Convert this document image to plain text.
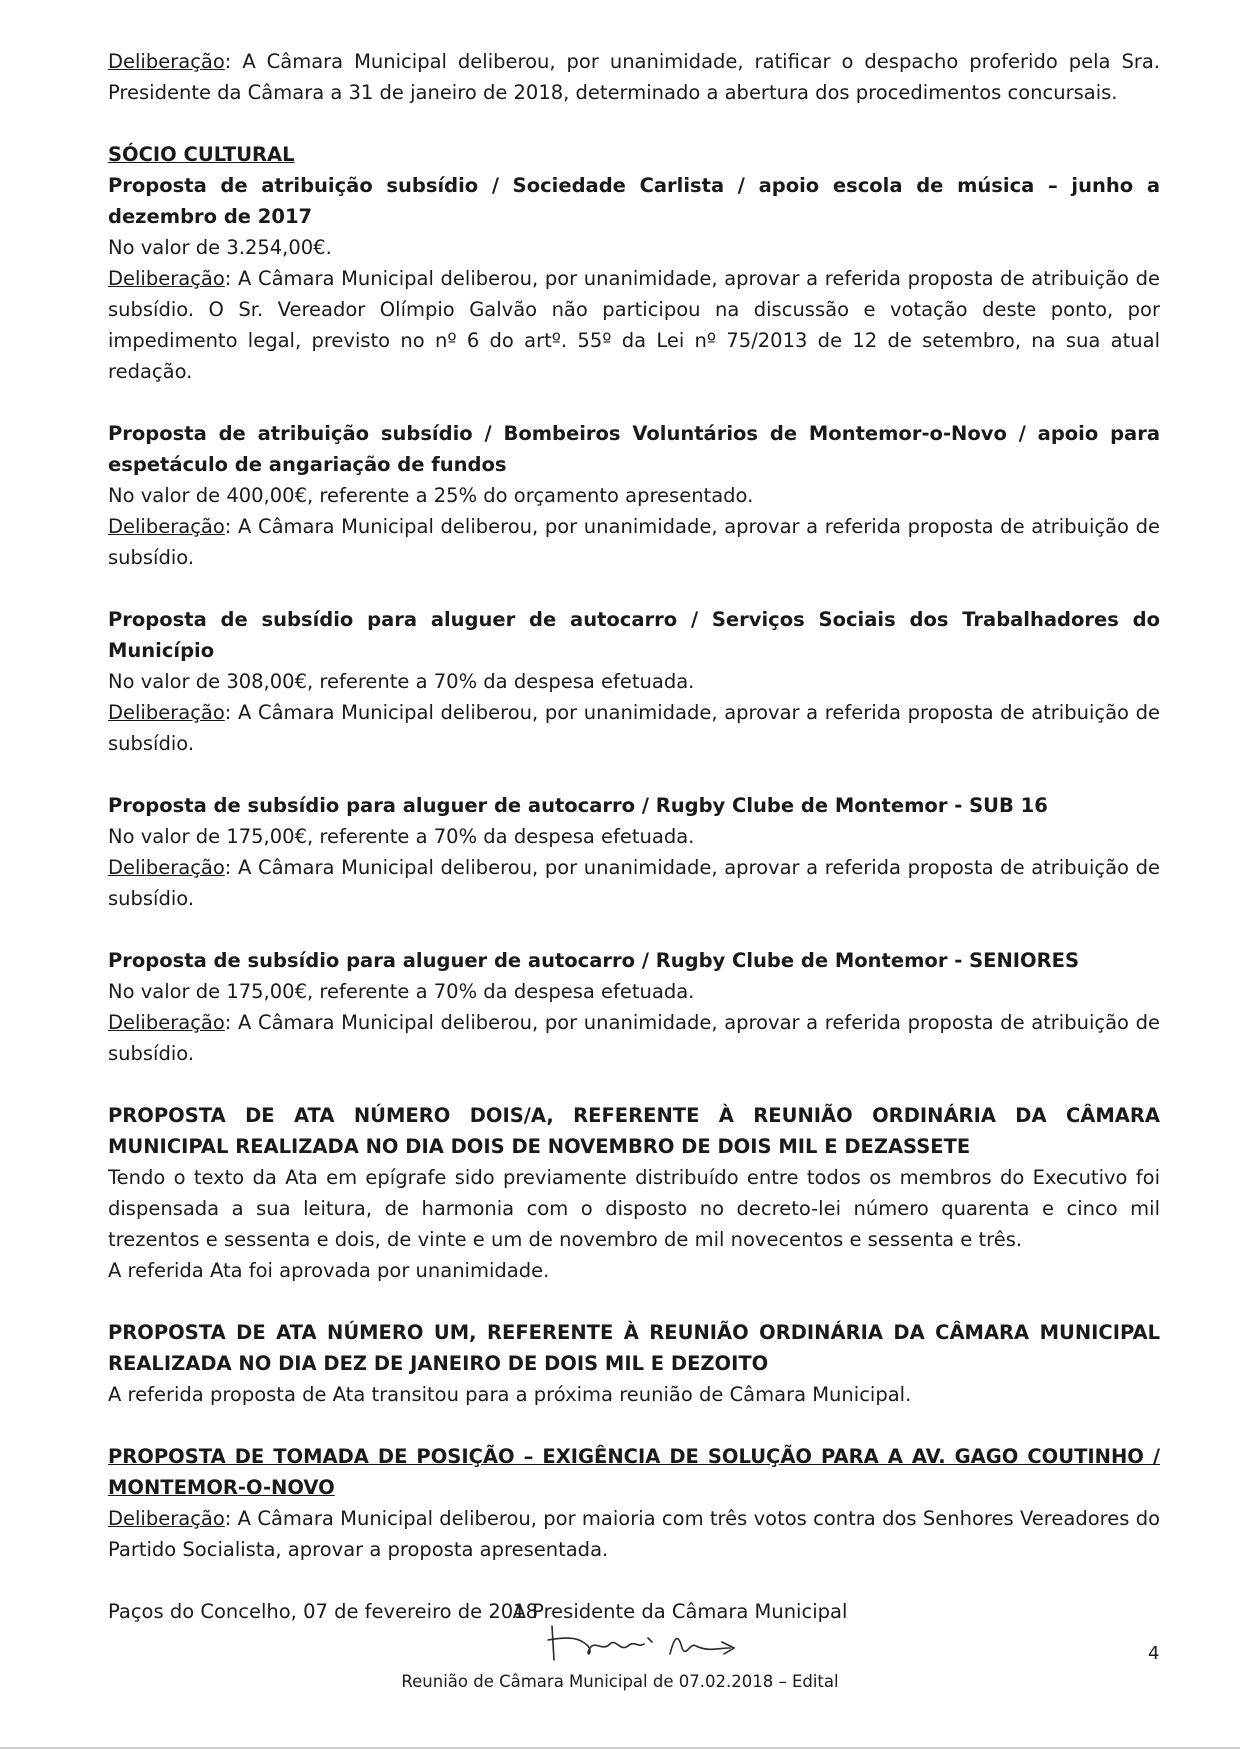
Deliberação: A Câmara Municipal deliberou, por unanimidade, ratificar o despacho proferido pela Sra. Presidente da Câmara a 31 de janeiro de 2018, determinado a abertura dos procedimentos concursais.

SÓCIO CULTURAL

Proposta de atribuição subsídio / Sociedade Carlista / apoio escola de música – junho a dezembro de 2017

No valor de 3.254,00€.

Deliberação: A Câmara Municipal deliberou, por unanimidade, aprovar a referida proposta de atribuição de subsídio. O Sr. Vereador Olímpio Galvão não participou na discussão e votação deste ponto, por impedimento legal, previsto no nº 6 do artº. 55º da Lei nº 75/2013 de 12 de setembro, na sua atual redação.

Proposta de atribuição subsídio / Bombeiros Voluntários de Montemor-o-Novo / apoio para espetáculo de angariação de fundos

No valor de 400,00€, referente a 25% do orçamento apresentado.

Deliberação: A Câmara Municipal deliberou, por unanimidade, aprovar a referida proposta de atribuição de subsídio.

Proposta de subsídio para aluguer de autocarro / Serviços Sociais dos Trabalhadores do Município

No valor de 308,00€, referente a 70% da despesa efetuada.

Deliberação: A Câmara Municipal deliberou, por unanimidade, aprovar a referida proposta de atribuição de subsídio.

Proposta de subsídio para aluguer de autocarro / Rugby Clube de Montemor - SUB 16

No valor de 175,00€, referente a 70% da despesa efetuada.

Deliberação: A Câmara Municipal deliberou, por unanimidade, aprovar a referida proposta de atribuição de subsídio.

Proposta de subsídio para aluguer de autocarro / Rugby Clube de Montemor - SENIORES

No valor de 175,00€, referente a 70% da despesa efetuada.

Deliberação: A Câmara Municipal deliberou, por unanimidade, aprovar a referida proposta de atribuição de subsídio.

PROPOSTA DE ATA NÚMERO DOIS/A, REFERENTE À REUNIÃO ORDINÁRIA DA CÂMARA MUNICIPAL REALIZADA NO DIA DOIS DE NOVEMBRO DE DOIS MIL E DEZASSETE

Tendo o texto da Ata em epígrafe sido previamente distribuído entre todos os membros do Executivo foi dispensada a sua leitura, de harmonia com o disposto no decreto-lei número quarenta e cinco mil trezentos e sessenta e dois, de vinte e um de novembro de mil novecentos e sessenta e três.

A referida Ata foi aprovada por unanimidade.

PROPOSTA DE ATA NÚMERO UM, REFERENTE À REUNIÃO ORDINÁRIA DA CÂMARA MUNICIPAL REALIZADA NO DIA DEZ DE JANEIRO DE DOIS MIL E DEZOITO

A referida proposta de Ata transitou para a próxima reunião de Câmara Municipal.

PROPOSTA DE TOMADA DE POSIÇÃO – EXIGÊNCIA DE SOLUÇÃO PARA A AV. GAGO COUTINHO / MONTEMOR-O-NOVO

Deliberação: A Câmara Municipal deliberou, por maioria com três votos contra dos Senhores Vereadores do Partido Socialista, aprovar a proposta apresentada.

Paços do Concelho, 07 de fevereiro de 2018

A Presidente da Câmara Municipal
4
Reunião de Câmara Municipal de 07.02.2018 – Edital
